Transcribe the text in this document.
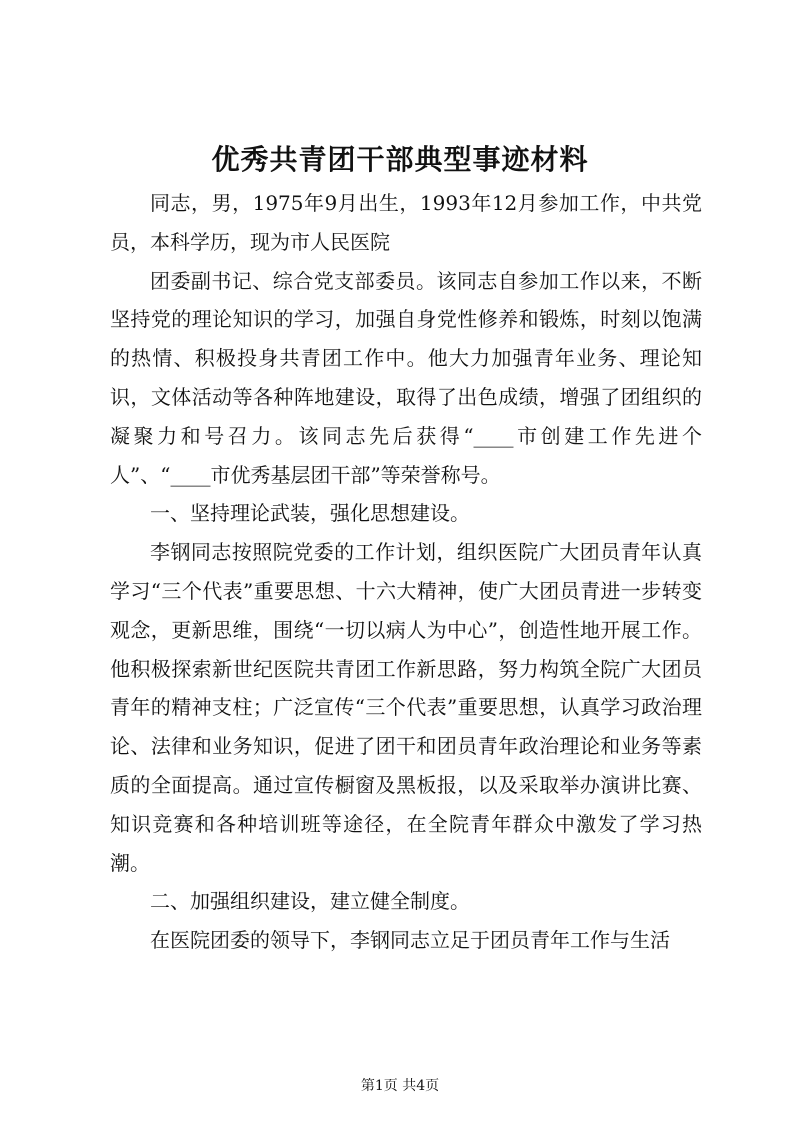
优秀共青团干部典型事迹材料

同志，男，1975年9月出生，1993年12月参加工作，中共党员，本科学历，现为市人民医院

团委副书记、综合党支部委员。该同志自参加工作以来，不断坚持党的理论知识的学习，加强自身党性修养和锻炼，时刻以饱满的热情、积极投身共青团工作中。他大力加强青年业务、理论知识，文体活动等各种阵地建设，取得了出色成绩，增强了团组织的凝聚力和号召力。该同志先后获得“____市创建工作先进个人”、“____市优秀基层团干部”等荣誉称号。

一、坚持理论武装，强化思想建设。

李钢同志按照院党委的工作计划，组织医院广大团员青年认真学习“三个代表”重要思想、十六大精神，使广大团员青进一步转变观念，更新思维，围绕“一切以病人为中心”，创造性地开展工作。他积极探索新世纪医院共青团工作新思路，努力构筑全院广大团员青年的精神支柱；广泛宣传“三个代表”重要思想，认真学习政治理论、法律和业务知识，促进了团干和团员青年政治理论和业务等素质的全面提高。通过宣传橱窗及黑板报，以及采取举办演讲比赛、知识竞赛和各种培训班等途径，在全院青年群众中激发了学习热潮。

二、加强组织建设，建立健全制度。

在医院团委的领导下，李钢同志立足于团员青年工作与生活

第1页 共4页
